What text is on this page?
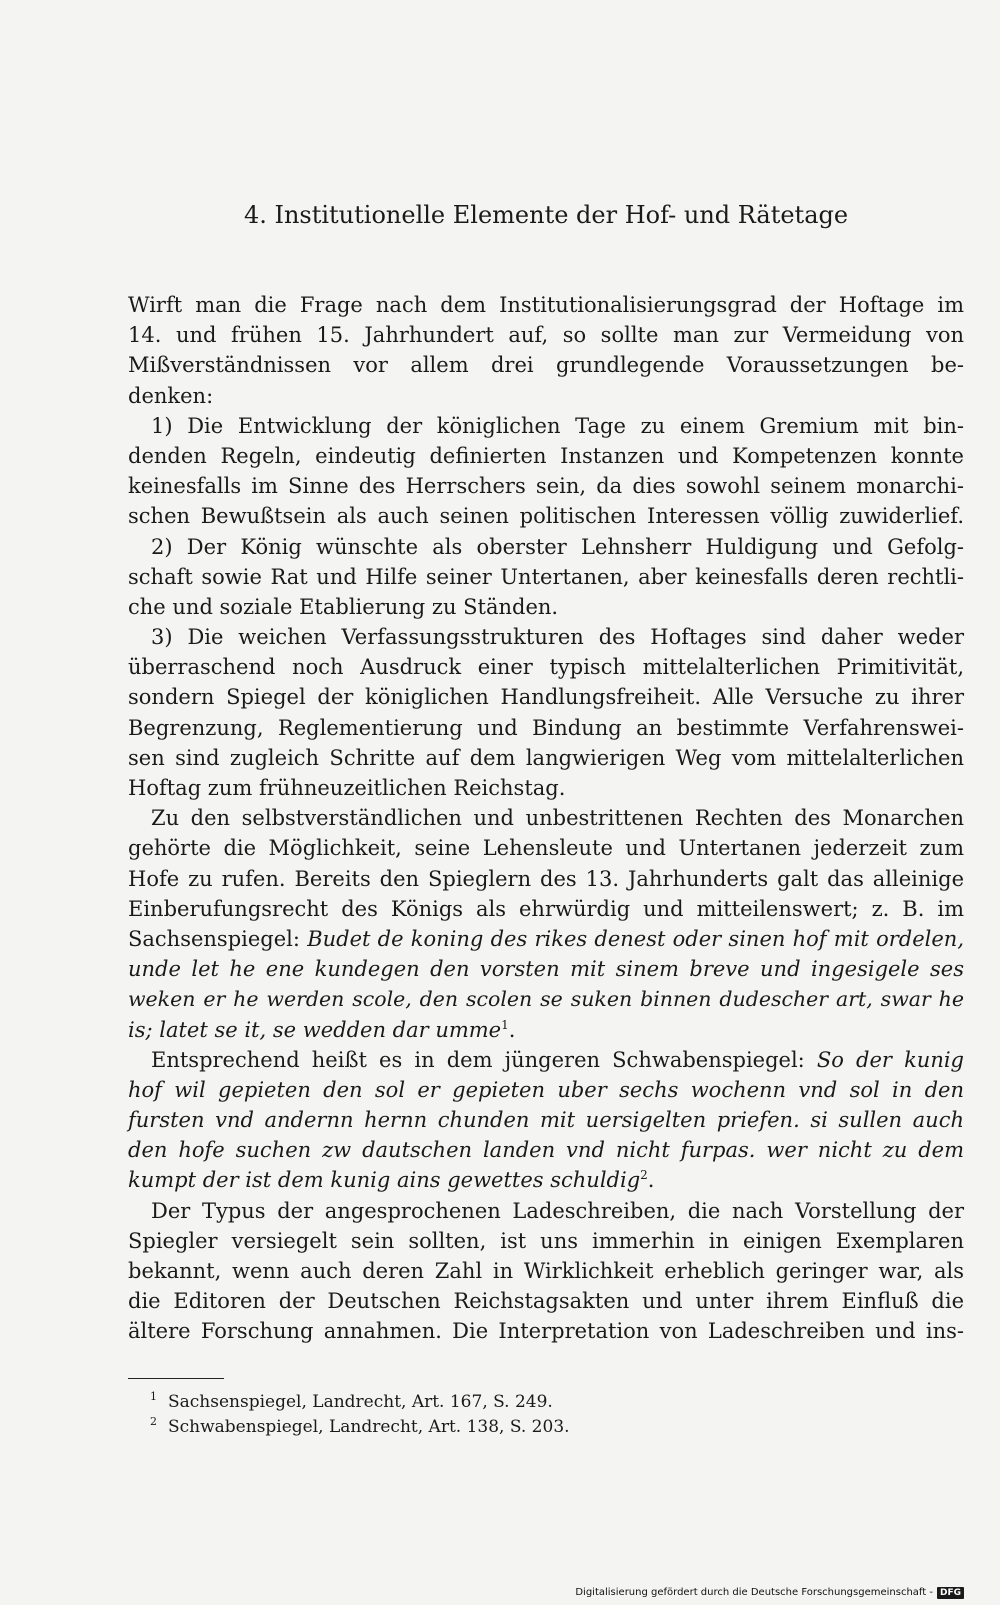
4. Institutionelle Elemente der Hof- und Rätetage
Wirft man die Frage nach dem Institutionalisierungsgrad der Hoftage im
14. und frühen 15. Jahrhundert auf, so sollte man zur Vermeidung von
Mißverständnissen vor allem drei grundlegende Voraussetzungen be-
denken:
1) Die Entwicklung der königlichen Tage zu einem Gremium mit bin-
denden Regeln, eindeutig definierten Instanzen und Kompetenzen konnte
keinesfalls im Sinne des Herrschers sein, da dies sowohl seinem monarchi-
schen Bewußtsein als auch seinen politischen Interessen völlig zuwiderlief.
2) Der König wünschte als oberster Lehnsherr Huldigung und Gefolg-
schaft sowie Rat und Hilfe seiner Untertanen, aber keinesfalls deren rechtli-
che und soziale Etablierung zu Ständen.
3) Die weichen Verfassungsstrukturen des Hoftages sind daher weder
überraschend noch Ausdruck einer typisch mittelalterlichen Primitivität,
sondern Spiegel der königlichen Handlungsfreiheit. Alle Versuche zu ihrer
Begrenzung, Reglementierung und Bindung an bestimmte Verfahrenswei-
sen sind zugleich Schritte auf dem langwierigen Weg vom mittelalterlichen
Hoftag zum frühneuzeitlichen Reichstag.
Zu den selbstverständlichen und unbestrittenen Rechten des Monarchen
gehörte die Möglichkeit, seine Lehensleute und Untertanen jederzeit zum
Hofe zu rufen. Bereits den Spieglern des 13. Jahrhunderts galt das alleinige
Einberufungsrecht des Königs als ehrwürdig und mitteilenswert; z. B. im
Sachsenspiegel: Budet de koning des rikes denest oder sinen hof mit ordelen,
unde let he ene kundegen den vorsten mit sinem breve und ingesigele ses
weken er he werden scole, den scolen se suken binnen dudescher art, swar he
is; latet se it, se wedden dar umme$^1$.
Entsprechend heißt es in dem jüngeren Schwabenspiegel: So der kunig
hof wil gepieten den sol er gepieten uber sechs wochenn vnd sol in den
fursten vnd andernn hernn chunden mit uersigelten priefen. si sullen auch
den hofe suchen zw dautschen landen vnd nicht furpas. wer nicht zu dem
kumpt der ist dem kunig ains gewettes schuldig$^2$.
Der Typus der angesprochenen Ladeschreiben, die nach Vorstellung der
Spiegler versiegelt sein sollten, ist uns immerhin in einigen Exemplaren
bekannt, wenn auch deren Zahl in Wirklichkeit erheblich geringer war, als
die Editoren der Deutschen Reichstagsakten und unter ihrem Einfluß die
ältere Forschung annahmen. Die Interpretation von Ladeschreiben und ins-
1 Sachsenspiegel, Landrecht, Art. 167, S. 249.
2 Schwabenspiegel, Landrecht, Art. 138, S. 203.
Digitalisierung gefördert durch die Deutsche Forschungsgemeinschaft - DFG
